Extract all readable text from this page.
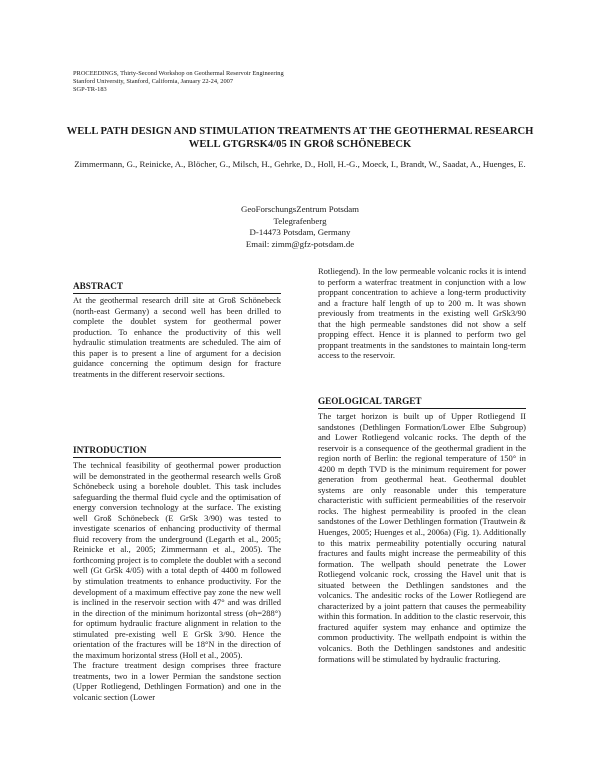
PROCEEDINGS, Thirty-Second Workshop on Geothermal Reservoir Engineering
Stanford University, Stanford, California, January 22-24, 2007
SGP-TR-183
WELL PATH DESIGN AND STIMULATION TREATMENTS AT THE GEOTHERMAL RESEARCH WELL GTGRSK4/05 IN GROß SCHÖNEBECK
Zimmermann, G., Reinicke, A., Blöcher, G., Milsch, H., Gehrke, D., Holl, H.-G., Moeck, I., Brandt, W., Saadat, A., Huenges, E.
GeoForschungsZentrum Potsdam
Telegrafenberg
D-14473 Potsdam, Germany
Email: zimm@gfz-potsdam.de
ABSTRACT

At the geothermal research drill site at Groß Schönebeck (north-east Germany) a second well has been drilled to complete the doublet system for geothermal power production. To enhance the productivity of this well hydraulic stimulation treatments are scheduled. The aim of this paper is to present a line of argument for a decision guidance concerning the optimum design for fracture treatments in the different reservoir sections.

INTRODUCTION

The technical feasibility of geothermal power production will be demonstrated in the geothermal research wells Groß Schönebeck using a borehole doublet. This task includes safeguarding the thermal fluid cycle and the optimisation of energy conversion technology at the surface. The existing well Groß Schönebeck (E GrSk 3/90) was tested to investigate scenarios of enhancing productivity of thermal fluid recovery from the underground (Legarth et al., 2005; Reinicke et al., 2005; Zimmermann et al., 2005). The forthcoming project is to complete the doublet with a second well (Gt GrSk 4/05) with a total depth of 4400 m followed by stimulation treatments to enhance productivity. For the development of a maximum effective pay zone the new well is inclined in the reservoir section with 47° and was drilled in the direction of the minimum horizontal stress (σh=288°) for optimum hydraulic fracture alignment in relation to the stimulated pre-existing well E GrSk 3/90. Hence the orientation of the fractures will be 18°N in the direction of the maximum horizontal stress (Holl et al., 2005).

The fracture treatment design comprises three fracture treatments, two in a lower Permian the sandstone section (Upper Rotliegend, Dethlingen Formation) and one in the volcanic section (Lower

Rotliegend). In the low permeable volcanic rocks it is intend to perform a waterfrac treatment in conjunction with a low proppant concentration to achieve a long-term productivity and a fracture half length of up to 200 m. It was shown previously from treatments in the existing well GrSk3/90 that the high permeable sandstones did not show a self propping effect. Hence it is planned to perform two gel proppant treatments in the sandstones to maintain long-term access to the reservoir.

GEOLOGICAL TARGET

The target horizon is built up of Upper Rotliegend II sandstones (Dethlingen Formation/Lower Elbe Subgroup) and Lower Rotliegend volcanic rocks. The depth of the reservoir is a consequence of the geothermal gradient in the region north of Berlin: the regional temperature of 150° in 4200 m depth TVD is the minimum requirement for power generation from geothermal heat. Geothermal doublet systems are only reasonable under this temperature characteristic with sufficient permeabilities of the reservoir rocks. The highest permeability is proofed in the clean sandstones of the Lower Dethlingen formation (Trautwein & Huenges, 2005; Huenges et al., 2006a) (Fig. 1). Additionally to this matrix permeability potentially occuring natural fractures and faults might increase the permeability of this formation. The wellpath should penetrate the Lower Rotliegend volcanic rock, crossing the Havel unit that is situated between the Dethlingen sandstones and the volcanics. The andesitic rocks of the Lower Rotliegend are characterized by a joint pattern that causes the permeability within this formation. In addition to the clastic reservoir, this fractured aquifer system may enhance and optimize the common productivity. The wellpath endpoint is within the volcanics. Both the Dethlingen sandstones and andesitic formations will be stimulated by hydraulic fracturing.
